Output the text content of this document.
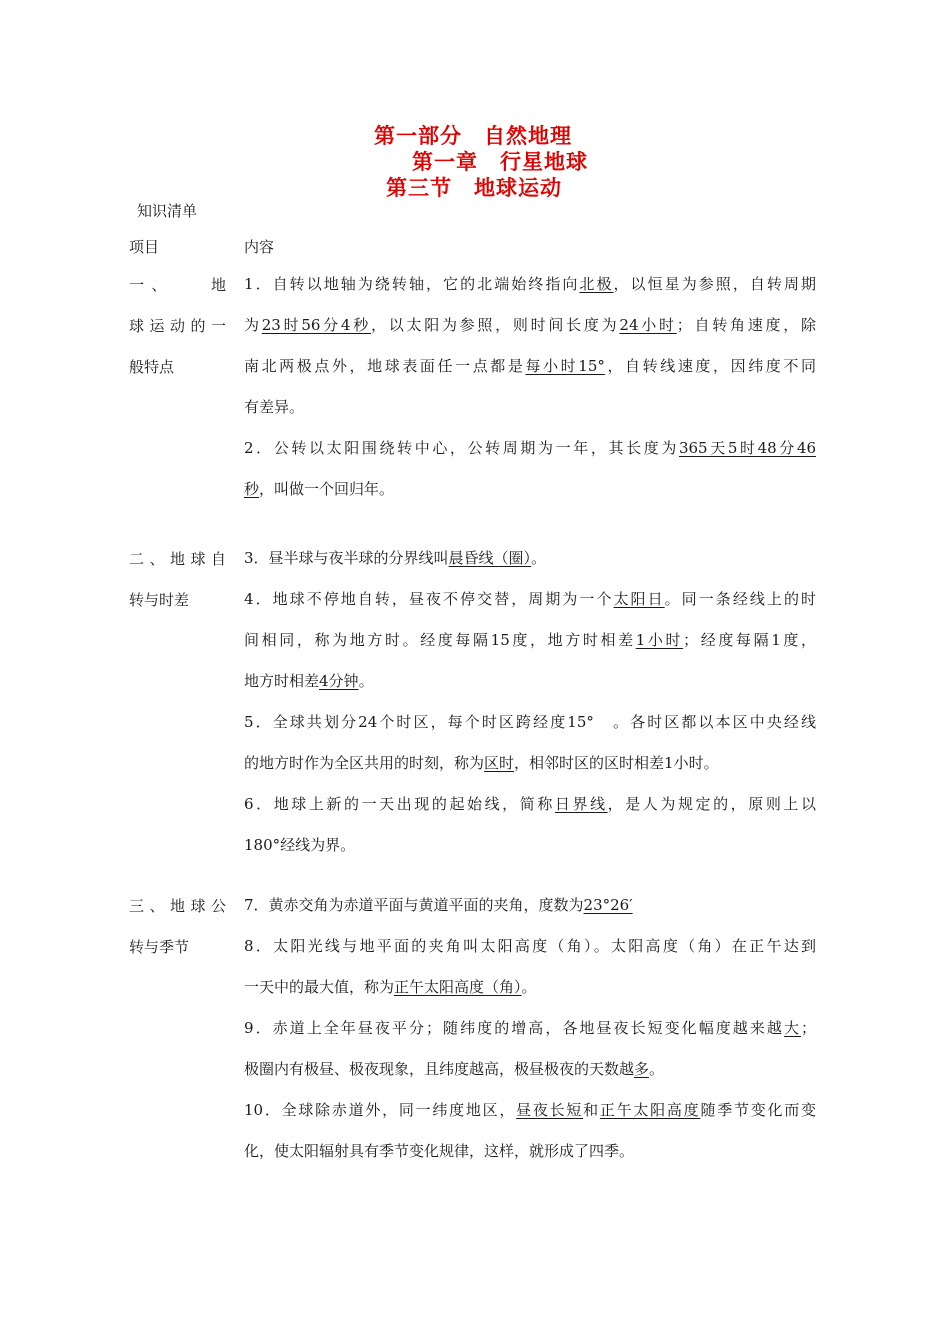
第一部分　自然地理
第一章　行星地球
第三节　地球运动
知识清单
项目	内容
一、　　地
球运动的一
般特点

1．自转以地轴为绕转轴，它的北端始终指向北极，以恒星为参照，自转周期

为23时56分4秒，以太阳为参照，则时间长度为24小时；自转角速度，除

南北两极点外，地球表面任一点都是每小时15°，自转线速度，因纬度不同

有差异。

2．公转以太阳围绕转中心，公转周期为一年，其长度为365天5时48分46

秒，叫做一个回归年。

二、地球自
转与时差

3．昼半球与夜半球的分界线叫晨昏线（圈）。

4．地球不停地自转，昼夜不停交替，周期为一个太阳日。同一条经线上的时

间相同，称为地方时。经度每隔15度，地方时相差1小时；经度每隔1度，

地方时相差4分钟。

5．全球共划分24个时区，每个时区跨经度15°　。各时区都以本区中央经线

的地方时作为全区共用的时刻，称为区时，相邻时区的区时相差1小时。

6．地球上新的一天出现的起始线，简称日界线，是人为规定的，原则上以

180°经线为界。

三、地球公
转与季节

7．黄赤交角为赤道平面与黄道平面的夹角，度数为23°26′

8．太阳光线与地平面的夹角叫太阳高度（角）。太阳高度（角）在正午达到

一天中的最大值，称为正午太阳高度（角）。

9．赤道上全年昼夜平分；随纬度的增高，各地昼夜长短变化幅度越来越大；

极圈内有极昼、极夜现象，且纬度越高，极昼极夜的天数越多。

10．全球除赤道外，同一纬度地区，昼夜长短和正午太阳高度随季节变化而变

化，使太阳辐射具有季节变化规律，这样，就形成了四季。
